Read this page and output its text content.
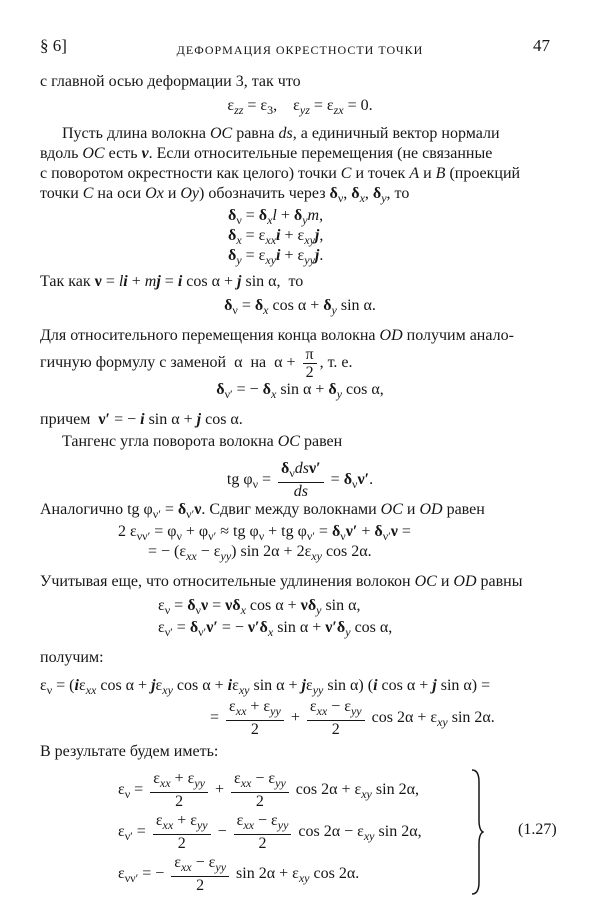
§ 6]	ДЕФОРМАЦИЯ ОКРЕСТНОСТИ ТОЧКИ	47
с главной осью деформации 3, так что
$\varepsilon_{zz} = \varepsilon_3$,    $\varepsilon_{yz} = \varepsilon_{zx} = 0$.
Пусть длина волокна OC равна ds, а единичный вектор нормали
вдоль OC есть ν. Если относительные перемещения (не связанные
с поворотом окрестности как целого) точки C и точек A и B (проекций
точки C на оси Ox и Oy) обозначить через $\delta_\nu$, $\delta_x$, $\delta_y$, то
$\delta_\nu = \delta_xl + \delta_ym$,
$\delta_x = \varepsilon_{xx}i + \varepsilon_{xy}j$,
$\delta_y = \varepsilon_{xy}i + \varepsilon_{yy}j$.
Так как ν = li + mj = i cos α + j sin α,  то
$\delta_\nu = \delta_x$ $\cos \alpha + \delta_y$ sin α.
Для относительного перемещения конца волокна OD получим анало-
гичную формулу с заменой  α  на  $\alpha + \frac{\pi}{2}$ , т. е.
$\delta_{\nu'}$ = − $\delta_x$ $\sin \alpha + \delta_y$ cos α,
причем  ν′ = − i sin α + j cos α.
Тангенс угла поворота волокна OC равен
tg $\varphi_\nu = \frac{\delta_\nu ds\nu'}{ds} = \delta_\nu\nu'$.
Аналогично tg $\varphi_{\nu'} = \delta_{\nu'}\nu$. Сдвиг между волокнами OC и OD равен
2 $\varepsilon_{\nu\nu'} = \varphi_\nu + \varphi_{\nu'}$ ≈ tg $\varphi_\nu$ + tg $\varphi_{\nu'} = \delta_\nu\nu' + \delta_{\nu'}\nu$ =
= − $(\varepsilon_{xx} - \varepsilon_{yy})$ $\sin 2\alpha + 2\varepsilon_{xy}$ cos 2α.
Учитывая еще, что относительные удлинения волокон OC и OD равны
$\varepsilon_\nu = \delta_\nu\nu = \nu\delta_x$ $\cos \alpha + \nu\delta_y$ sin α,
$\varepsilon_{\nu'} = \delta_{\nu'}\nu'$ = − $\nu'\delta_x$ $\sin \alpha + \nu'\delta_y$ cos α,
получим:
$\varepsilon_\nu = (i\varepsilon_{xx}$ $\cos \alpha + j\varepsilon_{xy}$ $\cos \alpha + i\varepsilon_{xy}$ $\sin \alpha + j\varepsilon_{yy}$ sin α) (i cos α + j sin α) =
= $\frac{\varepsilon_{xx} + \varepsilon_{yy}}{2} + \frac{\varepsilon_{xx} - \varepsilon_{yy}}{2}$ $\cos 2\alpha + \varepsilon_{xy}$ sin 2α.
В результате будем иметь:
$\varepsilon_\nu = \frac{\varepsilon_{xx} + \varepsilon_{yy}}{2} + \frac{\varepsilon_{xx} - \varepsilon_{yy}}{2}$ $\cos 2\alpha + \varepsilon_{xy}$ sin 2α,
$\varepsilon_{\nu'} = \frac{\varepsilon_{xx} + \varepsilon_{yy}}{2} - \frac{\varepsilon_{xx} - \varepsilon_{yy}}{2}$ $\cos 2\alpha - \varepsilon_{xy}$ sin 2α,
$\varepsilon_{\nu\nu'}$ = − $\frac{\varepsilon_{xx} - \varepsilon_{yy}}{2}$ $\sin 2\alpha + \varepsilon_{xy}$ cos 2α.
(1.27)
